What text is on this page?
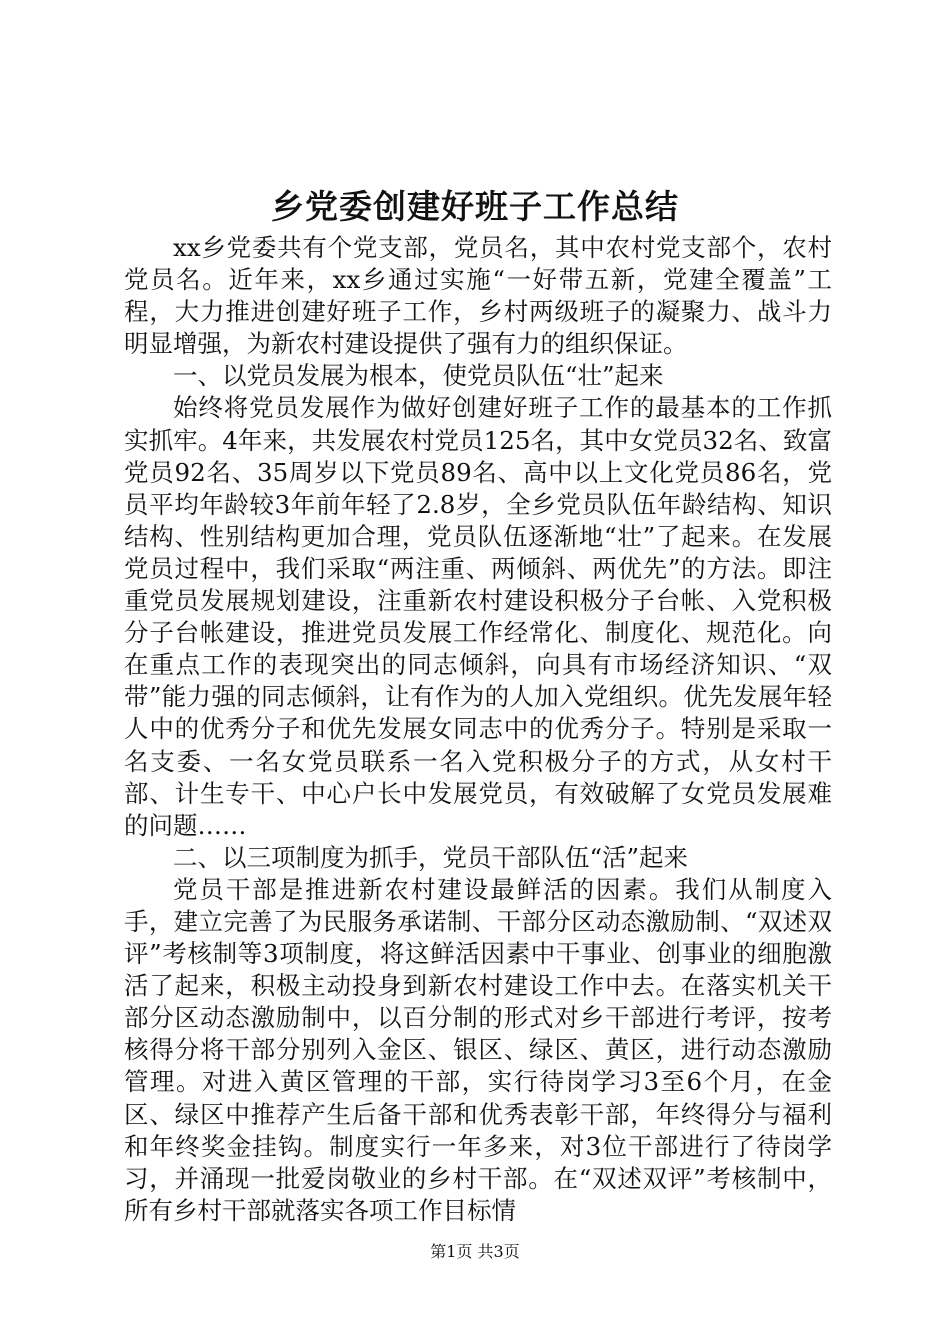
乡党委创建好班子工作总结

xx乡党委共有个党支部，党员名，其中农村党支部个，农村党员名。近年来，xx乡通过实施“一好带五新，党建全覆盖”工程，大力推进创建好班子工作，乡村两级班子的凝聚力、战斗力明显增强，为新农村建设提供了强有力的组织保证。

一、以党员发展为根本，使党员队伍“壮”起来

始终将党员发展作为做好创建好班子工作的最基本的工作抓实抓牢。4年来，共发展农村党员125名，其中女党员32名、致富党员92名、35周岁以下党员89名、高中以上文化党员86名，党员平均年龄较3年前年轻了2.8岁，全乡党员队伍年龄结构、知识结构、性别结构更加合理，党员队伍逐渐地“壮”了起来。在发展党员过程中，我们采取“两注重、两倾斜、两优先”的方法。即注重党员发展规划建设，注重新农村建设积极分子台帐、入党积极分子台帐建设，推进党员发展工作经常化、制度化、规范化。向在重点工作的表现突出的同志倾斜，向具有市场经济知识、“双带”能力强的同志倾斜，让有作为的人加入党组织。优先发展年轻人中的优秀分子和优先发展女同志中的优秀分子。特别是采取一名支委、一名女党员联系一名入党积极分子的方式，从女村干部、计生专干、中心户长中发展党员，有效破解了女党员发展难的问题……

二、以三项制度为抓手，党员干部队伍“活”起来

党员干部是推进新农村建设最鲜活的因素。我们从制度入手，建立完善了为民服务承诺制、干部分区动态激励制、“双述双评”考核制等3项制度，将这鲜活因素中干事业、创事业的细胞激活了起来，积极主动投身到新农村建设工作中去。在落实机关干部分区动态激励制中，以百分制的形式对乡干部进行考评，按考核得分将干部分别列入金区、银区、绿区、黄区，进行动态激励管理。对进入黄区管理的干部，实行待岗学习3至6个月，在金区、绿区中推荐产生后备干部和优秀表彰干部，年终得分与福利和年终奖金挂钩。制度实行一年多来，对3位干部进行了待岗学习，并涌现一批爱岗敬业的乡村干部。在“双述双评”考核制中，所有乡村干部就落实各项工作目标情

第1页 共3页
